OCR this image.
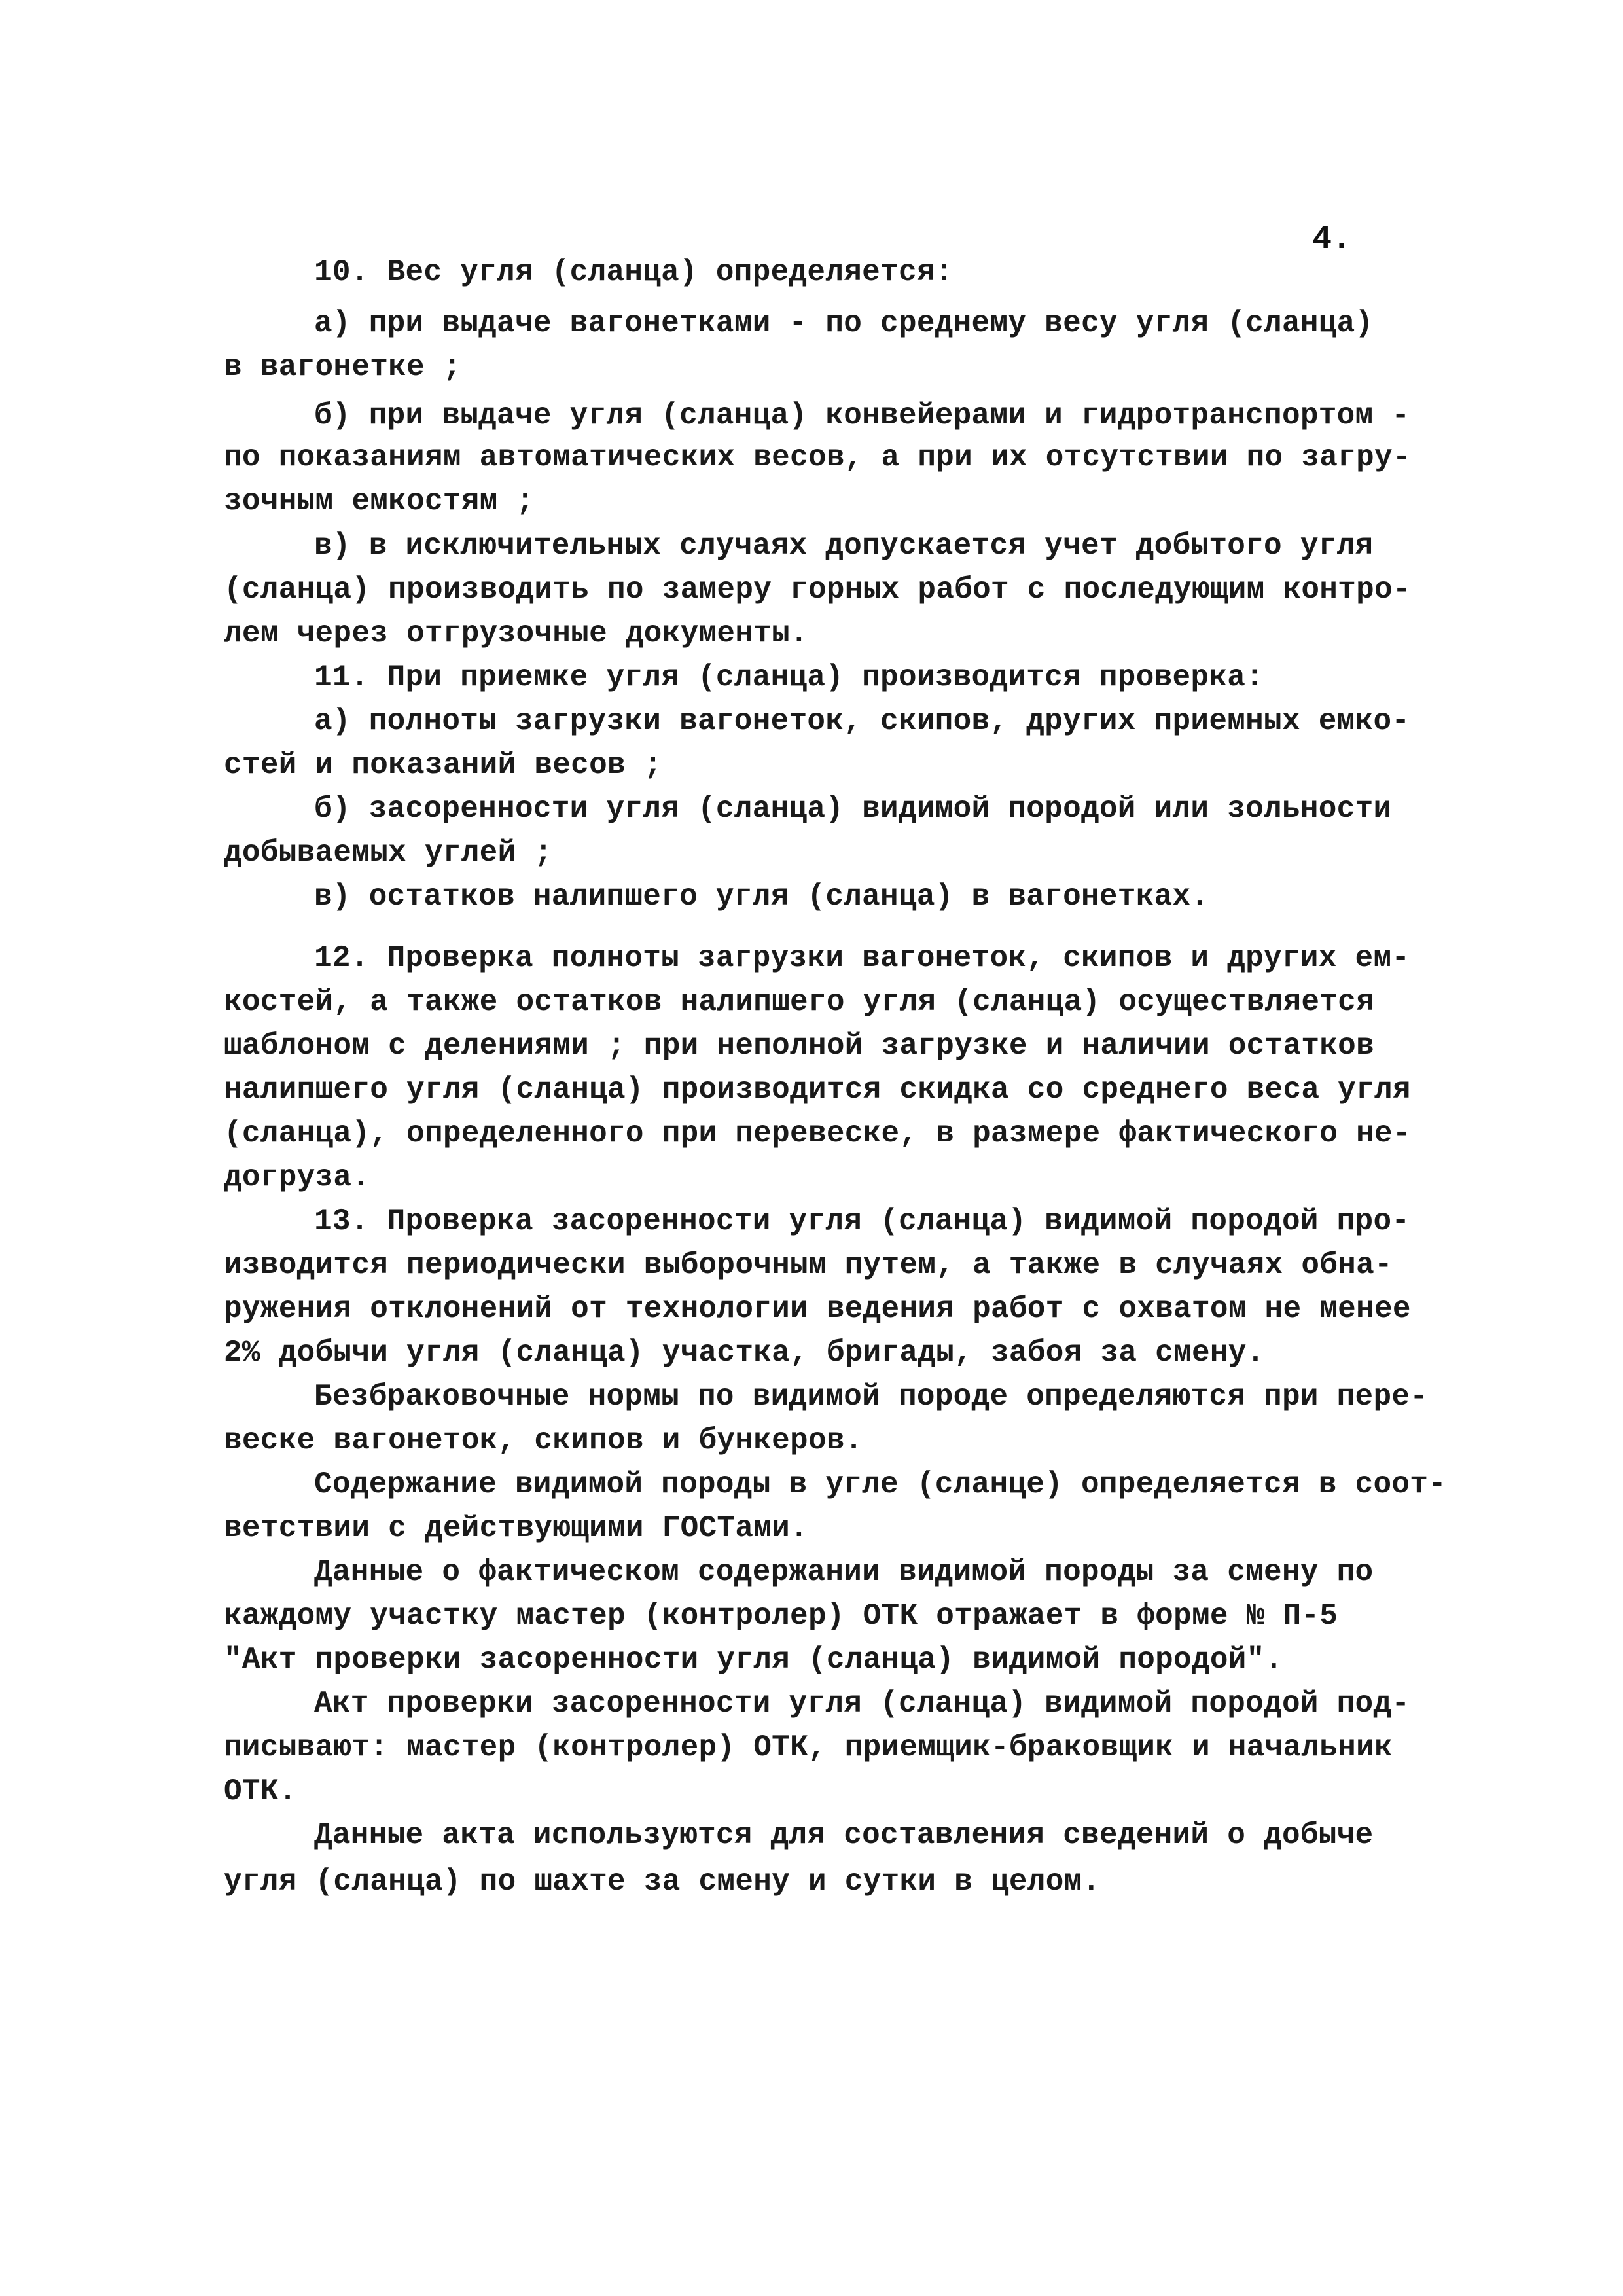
4.
10. Вес угля (сланца) определяется:
а) при выдаче вагонетками - по среднему весу угля (сланца)
в вагонетке ;
б) при выдаче угля (сланца) конвейерами и гидротранспортом -
по показаниям автоматических весов, а при их отсутствии по загру-
зочным емкостям ;
в) в исключительных случаях допускается учет добытого угля
(сланца) производить по замеру горных работ с последующим контро-
лем через отгрузочные документы.
11. При приемке угля (сланца) производится проверка:
а) полноты загрузки вагонеток, скипов, других приемных емко-
стей и показаний весов ;
б) засоренности угля (сланца) видимой породой или зольности
добываемых углей ;
в) остатков налипшего угля (сланца) в вагонетках.
12. Проверка полноты загрузки вагонеток, скипов и других ем-
костей, а также остатков налипшего угля (сланца) осуществляется
шаблоном с делениями ; при неполной загрузке и наличии остатков
налипшего угля (сланца) производится скидка со среднего веса угля
(сланца), определенного при перевеске, в размере фактического не-
догруза.
13. Проверка засоренности угля (сланца) видимой породой про-
изводится периодически выборочным путем, а также в случаях обна-
ружения отклонений от технологии ведения работ с охватом не менее
2% добычи угля (сланца) участка, бригады, забоя за смену.
Безбраковочные нормы по видимой породе определяются при пере-
веске вагонеток, скипов и бункеров.
Содержание видимой породы в угле (сланце) определяется в соот-
ветствии с действующими ГОСТами.
Данные о фактическом содержании видимой породы за смену по
каждому участку мастер (контролер) ОТК отражает в форме № П-5
"Акт проверки засоренности угля (сланца) видимой породой".
Акт проверки засоренности угля (сланца) видимой породой под-
писывают: мастер (контролер) ОТК, приемщик-браковщик и начальник
ОТК.
Данные акта используются для составления сведений о добыче
угля (сланца) по шахте за смену и сутки в целом.
